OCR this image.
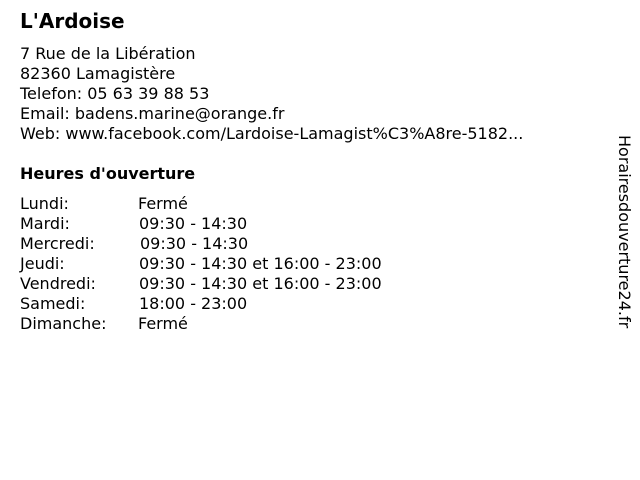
L'Ardoise
7 Rue de la Libération
82360 Lamagistère
Telefon: 05 63 39 88 53
Email: badens.marine@orange.fr
Web: www.facebook.com/Lardoise-Lamagist%C3%A8re-5182...
Heures d'ouverture
Lundi:	Fermé
Mardi:	09:30 - 14:30
Mercredi:	09:30 - 14:30
Jeudi:	09:30 - 14:30 et 16:00 - 23:00
Vendredi:	09:30 - 14:30 et 16:00 - 23:00
Samedi:	18:00 - 23:00
Dimanche: Fermé	Horairesdouverture24.fr
